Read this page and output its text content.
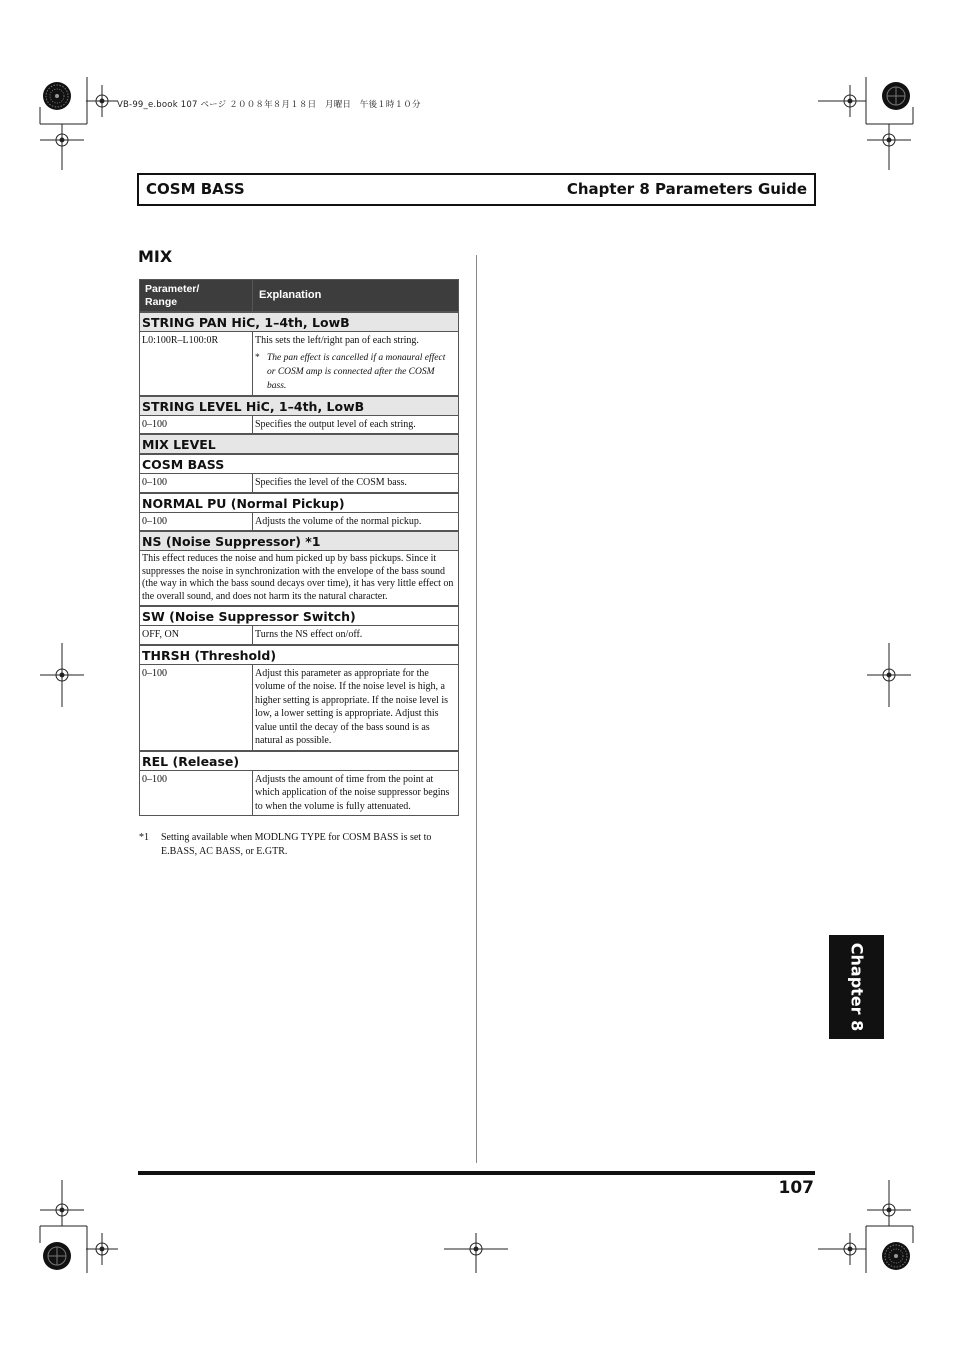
VB-99_e.book 107 ページ ２００８年８月１８日　月曜日　午後１時１０分
COSM BASS	Chapter 8 Parameters Guide
MIX
Parameter/
Range	Explanation
STRING PAN HiC, 1–4th, LowB	
L0:100R–L100:0R	This sets the left/right pan of each string.
* The pan effect is cancelled if a monaural effect or COSM amp is connected after the COSM bass.

STRING LEVEL HiC, 1–4th, LowB	
0–100	Specifies the output level of each string.
MIX LEVEL	
COSM BASS	
0–100	Specifies the level of the COSM bass.
NORMAL PU (Normal Pickup)	
0–100	Adjusts the volume of the normal pickup.
NS (Noise Suppressor) *1	
This effect reduces the noise and hum picked up by bass pickups. Since it suppresses the noise in synchronization with the envelope of the bass sound (the way in which the bass sound decays over time), it has very little effect on the overall sound, and does not harm its the natural character.	
SW (Noise Suppressor Switch)	
OFF, ON	Turns the NS effect on/off.
THRSH (Threshold)	
0–100	Adjust this parameter as appropriate for the volume of the noise. If the noise level is high, a higher setting is appropriate. If the noise level is low, a lower setting is appropriate. Adjust this value until the decay of the bass sound is as natural as possible.
REL (Release)	
0–100	Adjusts the amount of time from the point at which application of the noise suppressor begins to when the volume is fully attenuated.
*1	Setting available when MODLNG TYPE for COSM BASS is set to E.BASS, AC BASS, or E.GTR.
107
Chapter 8
